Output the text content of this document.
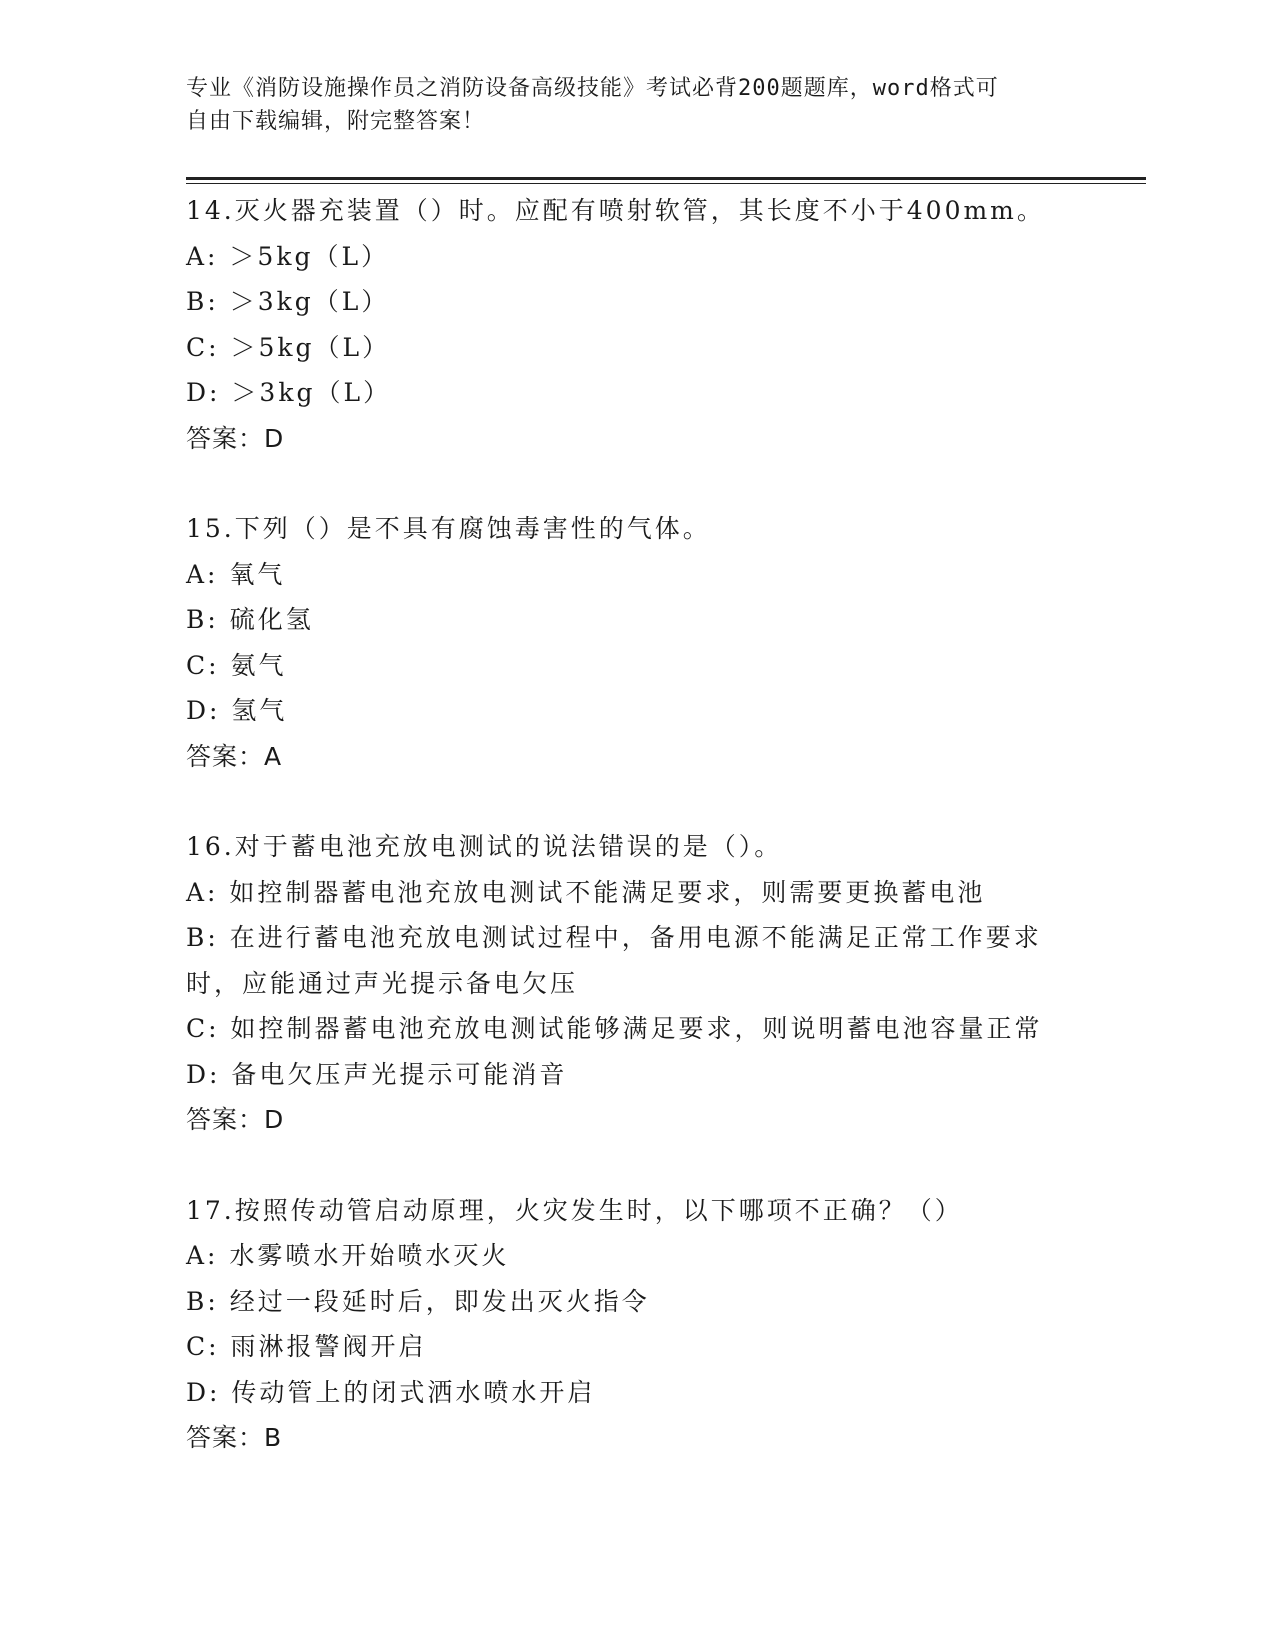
专业《消防设施操作员之消防设备高级技能》考试必背200题题库，word格式可
自由下载编辑，附完整答案！

14.灭火器充装置（）时。应配有喷射软管，其长度不小于400mm。

A: ＞5kg（L）

B: ＞3kg（L）

C: ＞5kg（L）

D: ＞3kg（L）

答案：D

15.下列（）是不具有腐蚀毒害性的气体。

A: 氧气

B: 硫化氢

C: 氨气

D: 氢气

答案：A

16.对于蓄电池充放电测试的说法错误的是（）。

A: 如控制器蓄电池充放电测试不能满足要求，则需要更换蓄电池

B: 在进行蓄电池充放电测试过程中，备用电源不能满足正常工作要求时，应能通过声光提示备电欠压

C: 如控制器蓄电池充放电测试能够满足要求，则说明蓄电池容量正常

D: 备电欠压声光提示可能消音

答案：D

17.按照传动管启动原理，火灾发生时，以下哪项不正确？（）

A: 水雾喷水开始喷水灭火

B: 经过一段延时后，即发出灭火指令

C: 雨淋报警阀开启

D: 传动管上的闭式洒水喷水开启

答案：B
